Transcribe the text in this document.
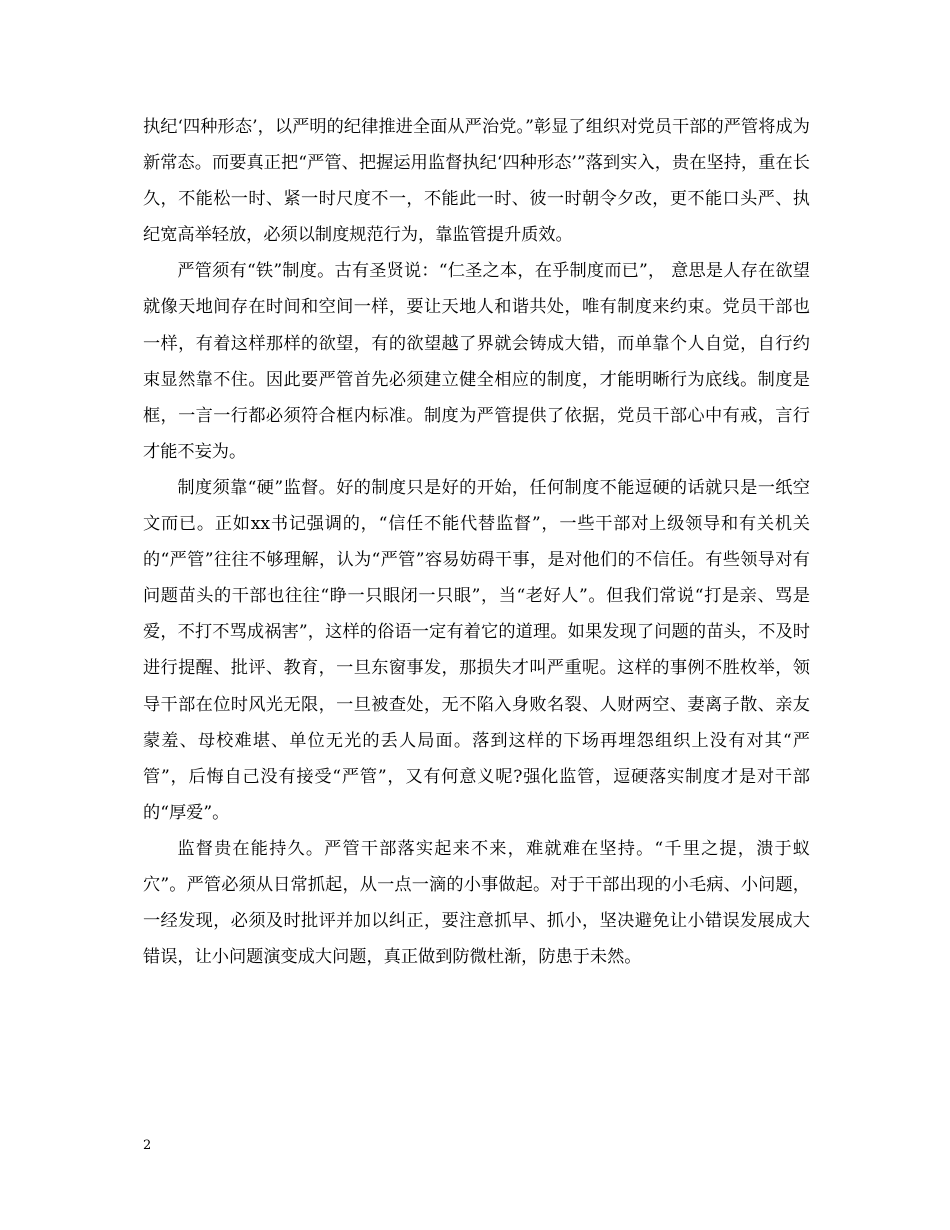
执纪‘四种形态’，以严明的纪律推进全面从严治党。”彰显了组织对党员干部的严管将成为新常态。而要真正把“严管、把握运用监督执纪‘四种形态’”落到实入，贵在坚持，重在长久，不能松一时、紧一时尺度不一，不能此一时、彼一时朝令夕改，更不能口头严、执纪宽高举轻放，必须以制度规范行为，靠监管提升质效。

严管须有“铁”制度。古有圣贤说：“仁圣之本，在乎制度而已”， 意思是人存在欲望就像天地间存在时间和空间一样，要让天地人和谐共处，唯有制度来约束。党员干部也一样，有着这样那样的欲望，有的欲望越了界就会铸成大错，而单靠个人自觉，自行约束显然靠不住。因此要严管首先必须建立健全相应的制度，才能明晰行为底线。制度是框，一言一行都必须符合框内标准。制度为严管提供了依据，党员干部心中有戒，言行才能不妄为。

制度须靠“硬”监督。好的制度只是好的开始，任何制度不能逗硬的话就只是一纸空文而已。正如xx书记强调的，“信任不能代替监督”，一些干部对上级领导和有关机关的“严管”往往不够理解，认为“严管”容易妨碍干事，是对他们的不信任。有些领导对有问题苗头的干部也往往“睁一只眼闭一只眼”，当“老好人”。但我们常说“打是亲、骂是爱，不打不骂成祸害”，这样的俗语一定有着它的道理。如果发现了问题的苗头，不及时进行提醒、批评、教育，一旦东窗事发，那损失才叫严重呢。这样的事例不胜枚举，领导干部在位时风光无限，一旦被查处，无不陷入身败名裂、人财两空、妻离子散、亲友蒙羞、母校难堪、单位无光的丢人局面。落到这样的下场再埋怨组织上没有对其“严管”，后悔自己没有接受“严管”，又有何意义呢?强化监管，逗硬落实制度才是对干部的“厚爱”。

监督贵在能持久。严管干部落实起来不来，难就难在坚持。“千里之提，溃于蚁穴”。严管必须从日常抓起，从一点一滴的小事做起。对于干部出现的小毛病、小问题，一经发现，必须及时批评并加以纠正，要注意抓早、抓小，坚决避免让小错误发展成大错误，让小问题演变成大问题，真正做到防微杜渐，防患于未然。

2
